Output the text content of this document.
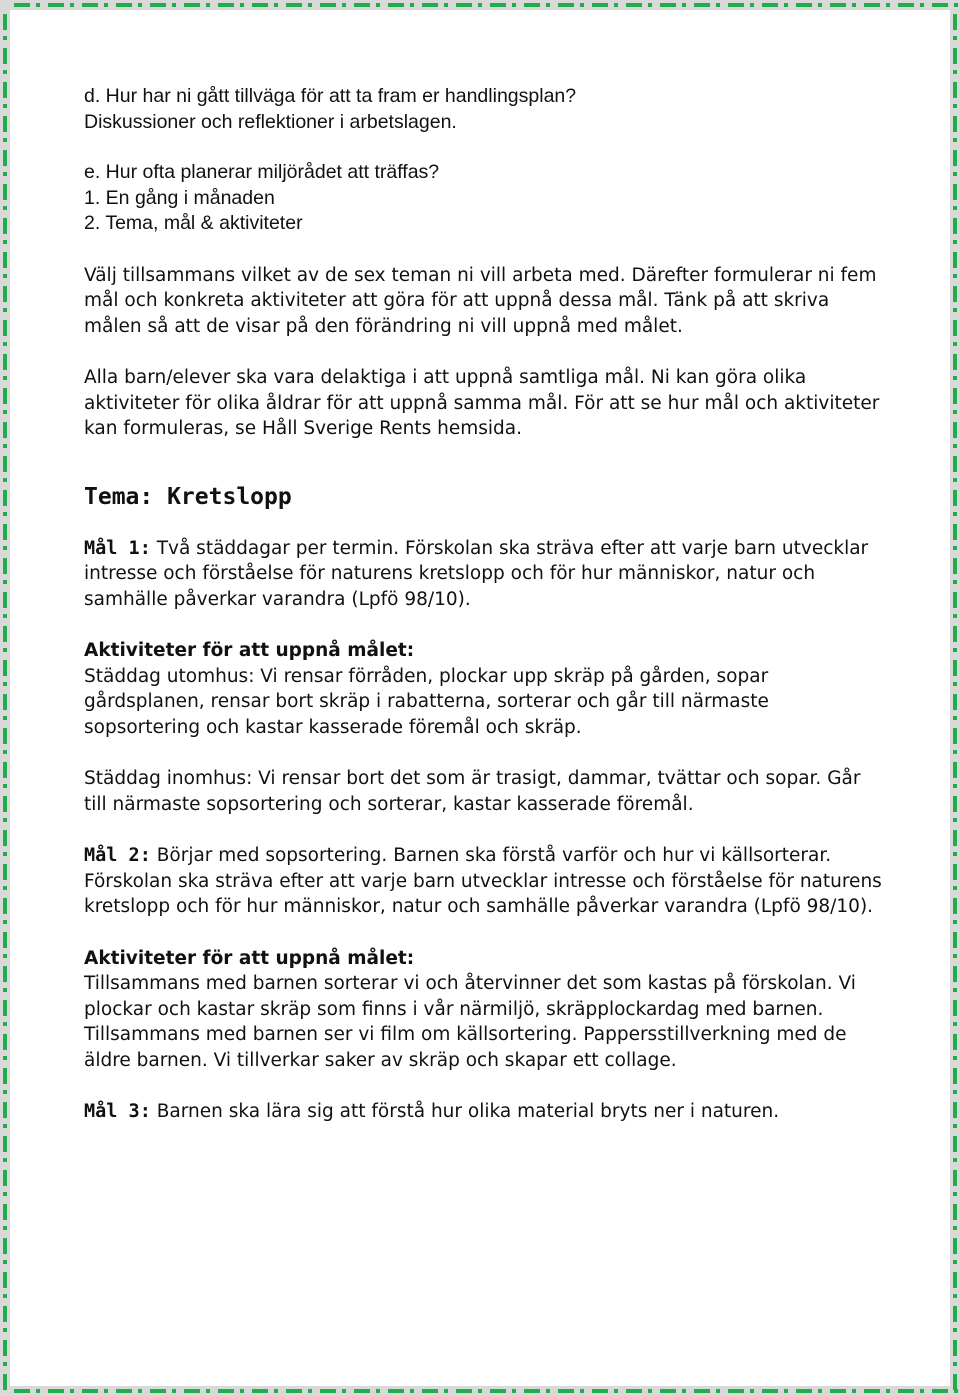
d. Hur har ni gått tillväga för att ta fram er handlingsplan?
Diskussioner och reflektioner i arbetslagen.

e. Hur ofta planerar miljörådet att träffas?
1. En gång i månaden
2. Tema, mål & aktiviteter

Välj tillsammans vilket av de sex teman ni vill arbeta med. Därefter formulerar ni fem mål och konkreta aktiviteter att göra för att uppnå dessa mål. Tänk på att skriva målen så att de visar på den förändring ni vill uppnå med målet.

Alla barn/elever ska vara delaktiga i att uppnå samtliga mål. Ni kan göra olika aktiviteter för olika åldrar för att uppnå samma mål. För att se hur mål och aktiviteter kan formuleras, se Håll Sverige Rents hemsida.

Tema: Kretslopp

Mål 1: Två städdagar per termin. Förskolan ska sträva efter att varje barn utvecklar intresse och förståelse för naturens kretslopp och för hur människor, natur och samhälle påverkar varandra (Lpfö 98/10).

Aktiviteter för att uppnå målet:

Städdag utomhus: Vi rensar förråden, plockar upp skräp på gården, sopar gårdsplanen, rensar bort skräp i rabatterna, sorterar och går till närmaste sopsortering och kastar kasserade föremål och skräp.

Städdag inomhus: Vi rensar bort det som är trasigt, dammar, tvättar och sopar. Går till närmaste sopsortering och sorterar, kastar kasserade föremål.

Mål 2: Börjar med sopsortering. Barnen ska förstå varför och hur vi källsorterar. Förskolan ska sträva efter att varje barn utvecklar intresse och förståelse för naturens kretslopp och för hur människor, natur och samhälle påverkar varandra (Lpfö 98/10).

Aktiviteter för att uppnå målet:

Tillsammans med barnen sorterar vi och återvinner det som kastas på förskolan. Vi plockar och kastar skräp som finns i vår närmiljö, skräpplockardag med barnen. Tillsammans med barnen ser vi film om källsortering. Pappersstillverkning med de äldre barnen. Vi tillverkar saker av skräp och skapar ett collage.

Mål 3: Barnen ska lära sig att förstå hur olika material bryts ner i naturen.
